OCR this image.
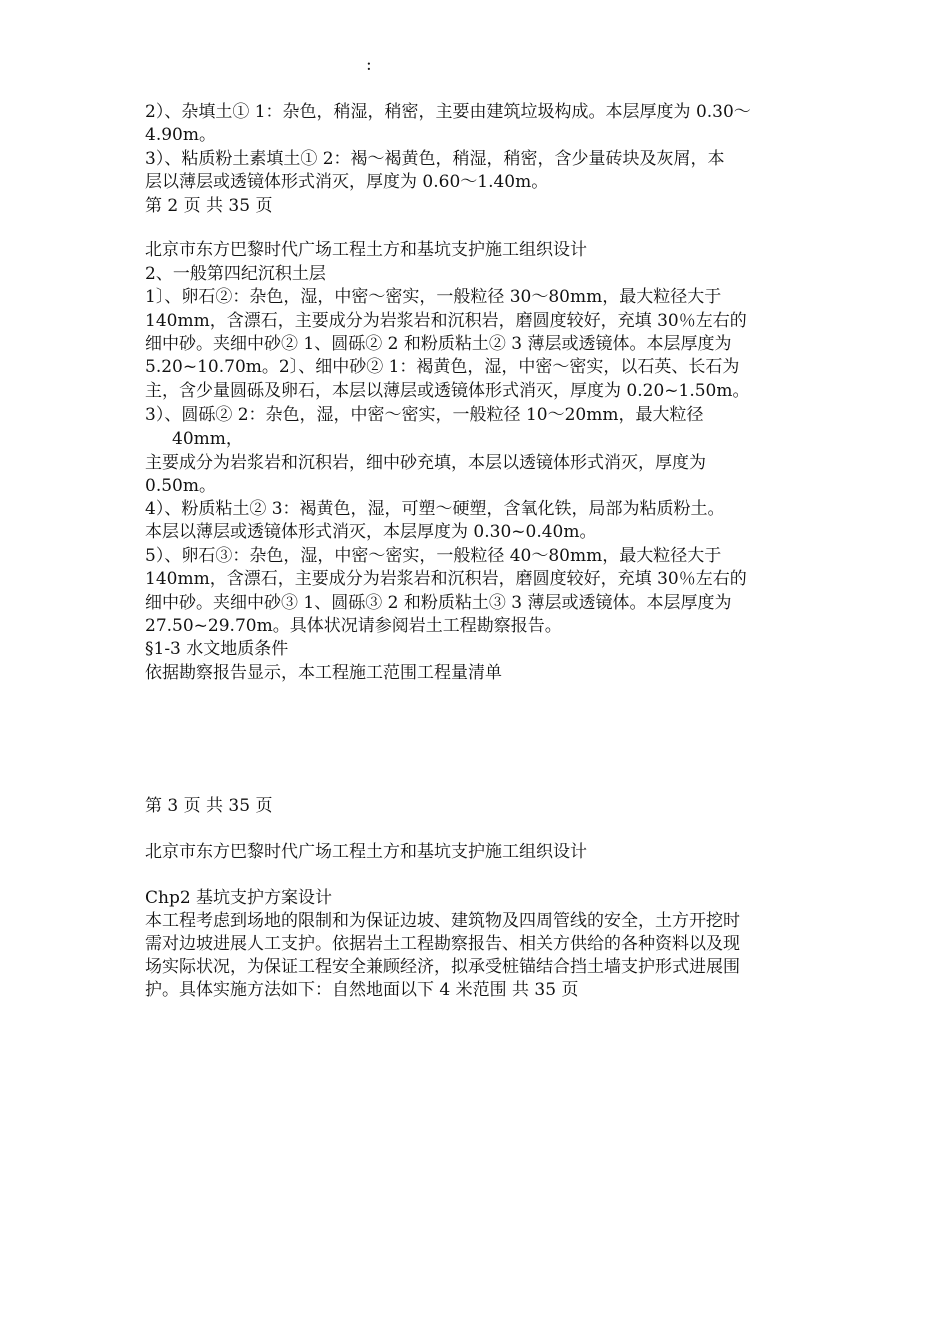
:
2）、杂填土① 1：杂色，稍湿，稍密，主要由建筑垃圾构成。本层厚度为 0.30～
4.90m。
3）、粘质粉土素填土① 2：褐～褐黄色，稍湿，稍密，含少量砖块及灰屑，本
层以薄层或透镜体形式消灭，厚度为 0.60～1.40m。
第 2 页 共 35 页
北京市东方巴黎时代广场工程土方和基坑支护施工组织设计
2、一般第四纪沉积土层
1〕、卵石②：杂色，湿，中密～密实，一般粒径 30～80mm，最大粒径大于
140mm，含漂石，主要成分为岩浆岩和沉积岩，磨圆度较好，充填 30％左右的
细中砂。夹细中砂② 1、圆砾② 2 和粉质粘土② 3 薄层或透镜体。本层厚度为
5.20~10.70m。2〕、细中砂② 1：褐黄色，湿，中密～密实，以石英、长石为
主，含少量圆砾及卵石，本层以薄层或透镜体形式消灭，厚度为 0.20~1.50m。
3）、圆砾② 2：杂色，湿，中密～密实，一般粒径 10～20mm，最大粒径
40mm，
主要成分为岩浆岩和沉积岩，细中砂充填，本层以透镜体形式消灭，厚度为
0.50m。
4）、粉质粘土② 3：褐黄色，湿，可塑～硬塑，含氧化铁，局部为粘质粉土。
本层以薄层或透镜体形式消灭，本层厚度为 0.30~0.40m。
5）、卵石③：杂色，湿，中密～密实，一般粒径 40～80mm，最大粒径大于
140mm，含漂石，主要成分为岩浆岩和沉积岩，磨圆度较好，充填 30％左右的
细中砂。夹细中砂③ 1、圆砾③ 2 和粉质粘土③ 3 薄层或透镜体。本层厚度为
27.50~29.70m。具体状况请参阅岩土工程勘察报告。
§1-3 水文地质条件
依据勘察报告显示，本工程施工范围工程量清单
第 3 页 共 35 页
北京市东方巴黎时代广场工程土方和基坑支护施工组织设计
Chp2 基坑支护方案设计
本工程考虑到场地的限制和为保证边坡、建筑物及四周管线的安全，土方开挖时
需对边坡进展人工支护。依据岩土工程勘察报告、相关方供给的各种资料以及现
场实际状况，为保证工程安全兼顾经济，拟承受桩锚结合挡土墙支护形式进展围
护。具体实施方法如下：自然地面以下 4 米范围 共 35 页
